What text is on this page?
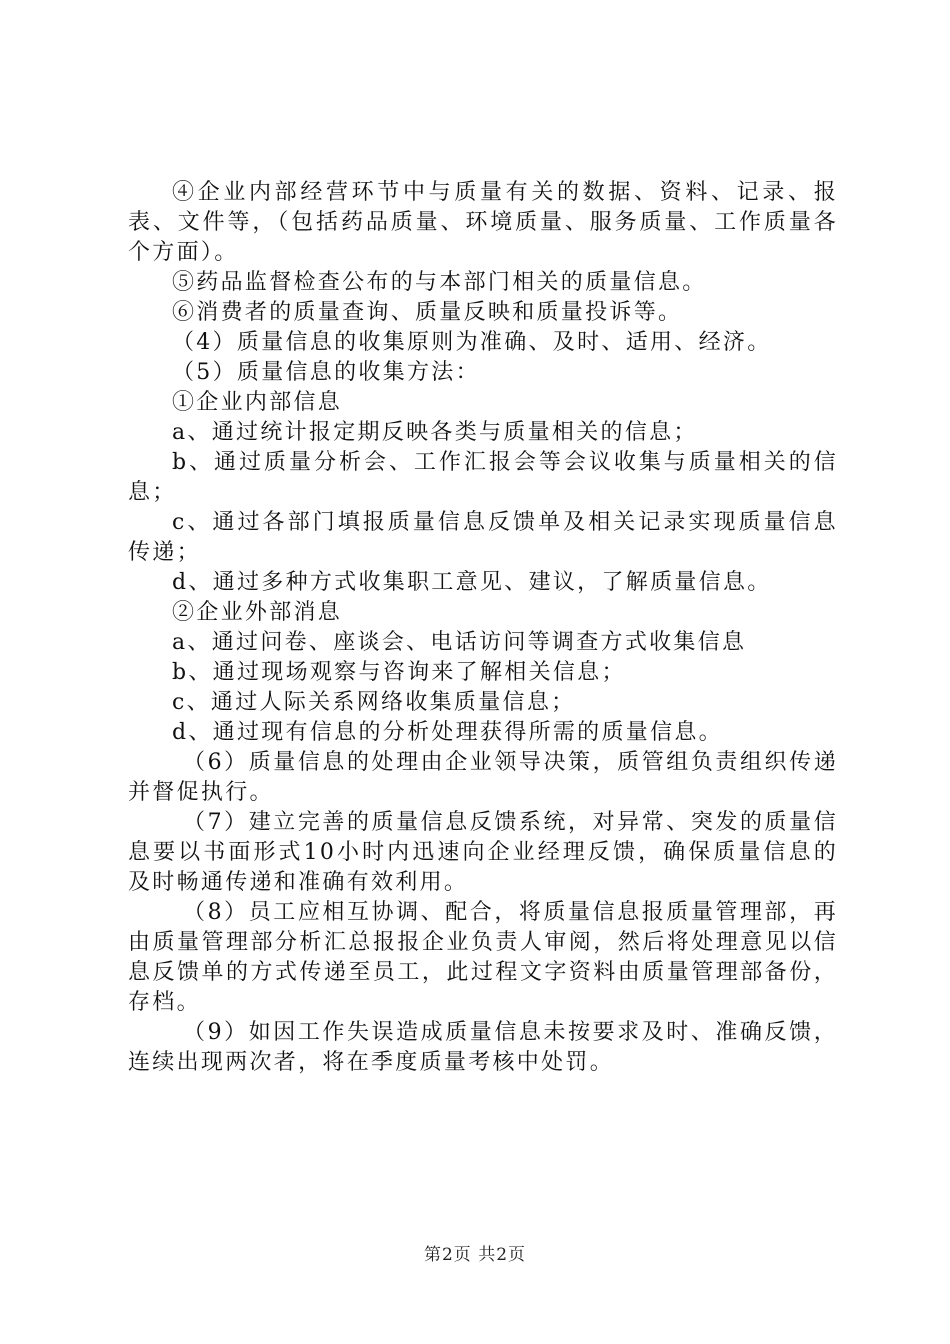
④企业内部经营环节中与质量有关的数据、资料、记录、报表、文件等，（包括药品质量、环境质量、服务质量、工作质量各个方面）。

⑤药品监督检查公布的与本部门相关的质量信息。

⑥消费者的质量查询、质量反映和质量投诉等。

（4）质量信息的收集原则为准确、及时、适用、经济。

（5）质量信息的收集方法：

①企业内部信息

a、通过统计报定期反映各类与质量相关的信息；

b、通过质量分析会、工作汇报会等会议收集与质量相关的信息；

c、通过各部门填报质量信息反馈单及相关记录实现质量信息传递；

d、通过多种方式收集职工意见、建议，了解质量信息。

②企业外部消息

a、通过问卷、座谈会、电话访问等调查方式收集信息

b、通过现场观察与咨询来了解相关信息；

c、通过人际关系网络收集质量信息；

d、通过现有信息的分析处理获得所需的质量信息。

（6）质量信息的处理由企业领导决策，质管组负责组织传递并督促执行。

（7）建立完善的质量信息反馈系统，对异常、突发的质量信息要以书面形式10小时内迅速向企业经理反馈，确保质量信息的及时畅通传递和准确有效利用。

（8）员工应相互协调、配合，将质量信息报质量管理部，再由质量管理部分析汇总报报企业负责人审阅，然后将处理意见以信息反馈单的方式传递至员工，此过程文字资料由质量管理部备份，存档。

（9）如因工作失误造成质量信息未按要求及时、准确反馈，连续出现两次者，将在季度质量考核中处罚。

第2页 共2页
